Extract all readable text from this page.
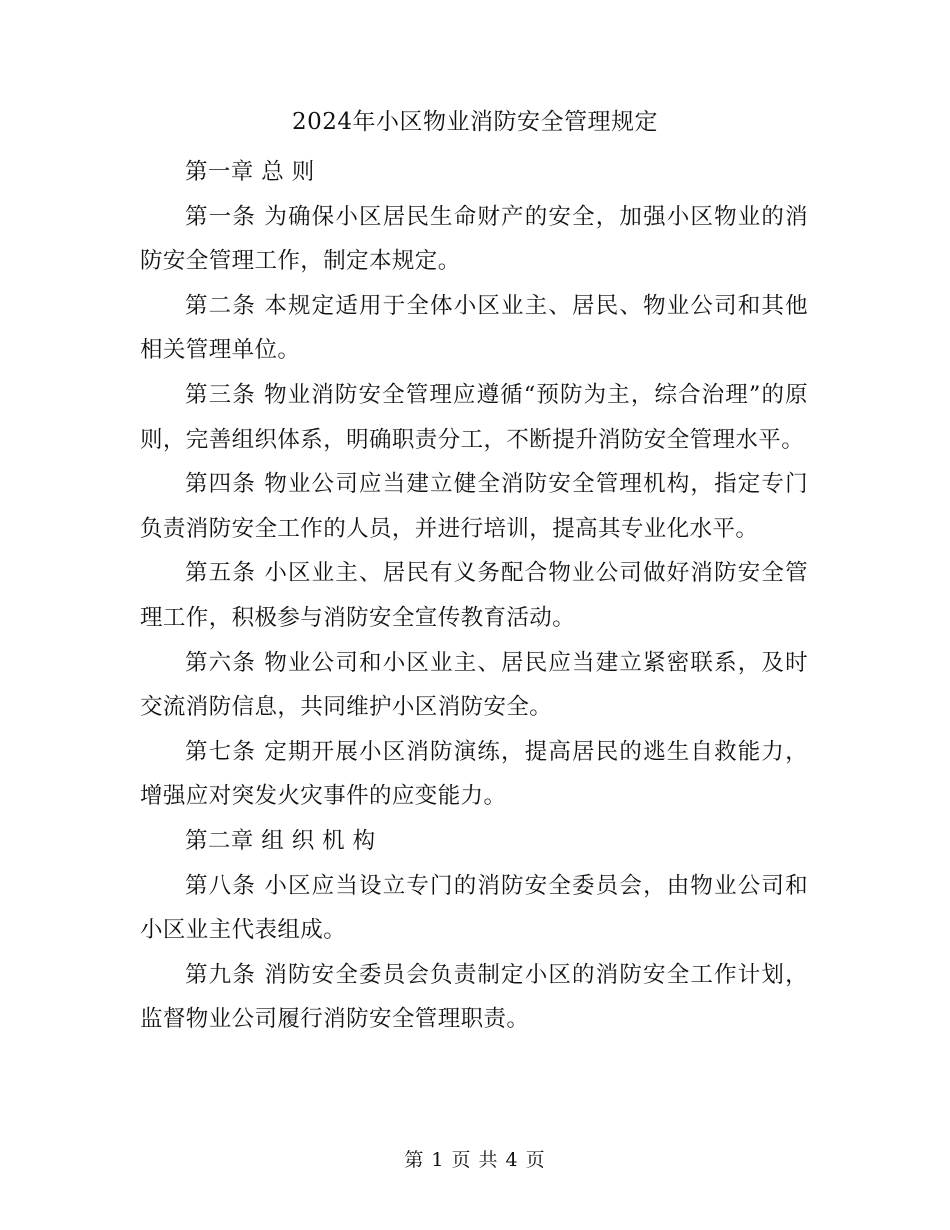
2024年小区物业消防安全管理规定

第一章 总 则

第一条 为确保小区居民生命财产的安全，加强小区物业的消防安全管理工作，制定本规定。

第二条 本规定适用于全体小区业主、居民、物业公司和其他相关管理单位。

第三条 物业消防安全管理应遵循“预防为主，综合治理”的原则，完善组织体系，明确职责分工，不断提升消防安全管理水平。

第四条 物业公司应当建立健全消防安全管理机构，指定专门负责消防安全工作的人员，并进行培训，提高其专业化水平。

第五条 小区业主、居民有义务配合物业公司做好消防安全管理工作，积极参与消防安全宣传教育活动。

第六条 物业公司和小区业主、居民应当建立紧密联系，及时交流消防信息，共同维护小区消防安全。

第七条 定期开展小区消防演练，提高居民的逃生自救能力，增强应对突发火灾事件的应变能力。

第二章 组 织 机 构

第八条 小区应当设立专门的消防安全委员会，由物业公司和小区业主代表组成。

第九条 消防安全委员会负责制定小区的消防安全工作计划，监督物业公司履行消防安全管理职责。

第 1 页 共 4 页
